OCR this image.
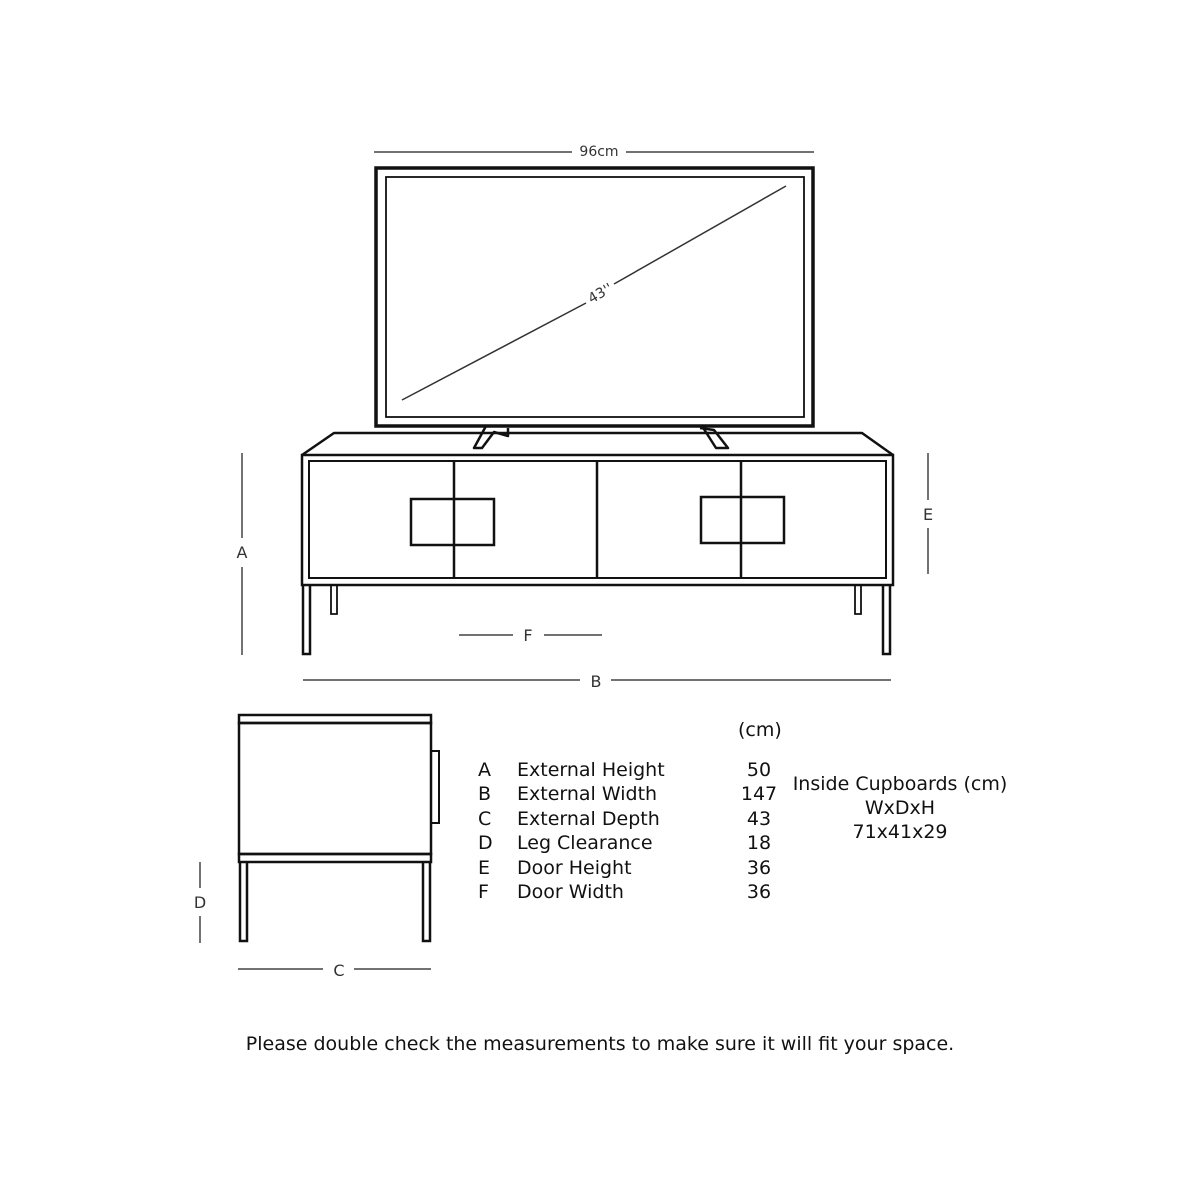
96cm
43''
A
E
F
B
D
C
(cm)
A
B
C
D
E
F
External Height
External Width
External Depth
Leg Clearance
Door Height
Door Width
50
147
43
18
36
36
Inside Cupboards (cm)
WxDxH
71x41x29
Please double check the measurements to make sure it will fit your space.
